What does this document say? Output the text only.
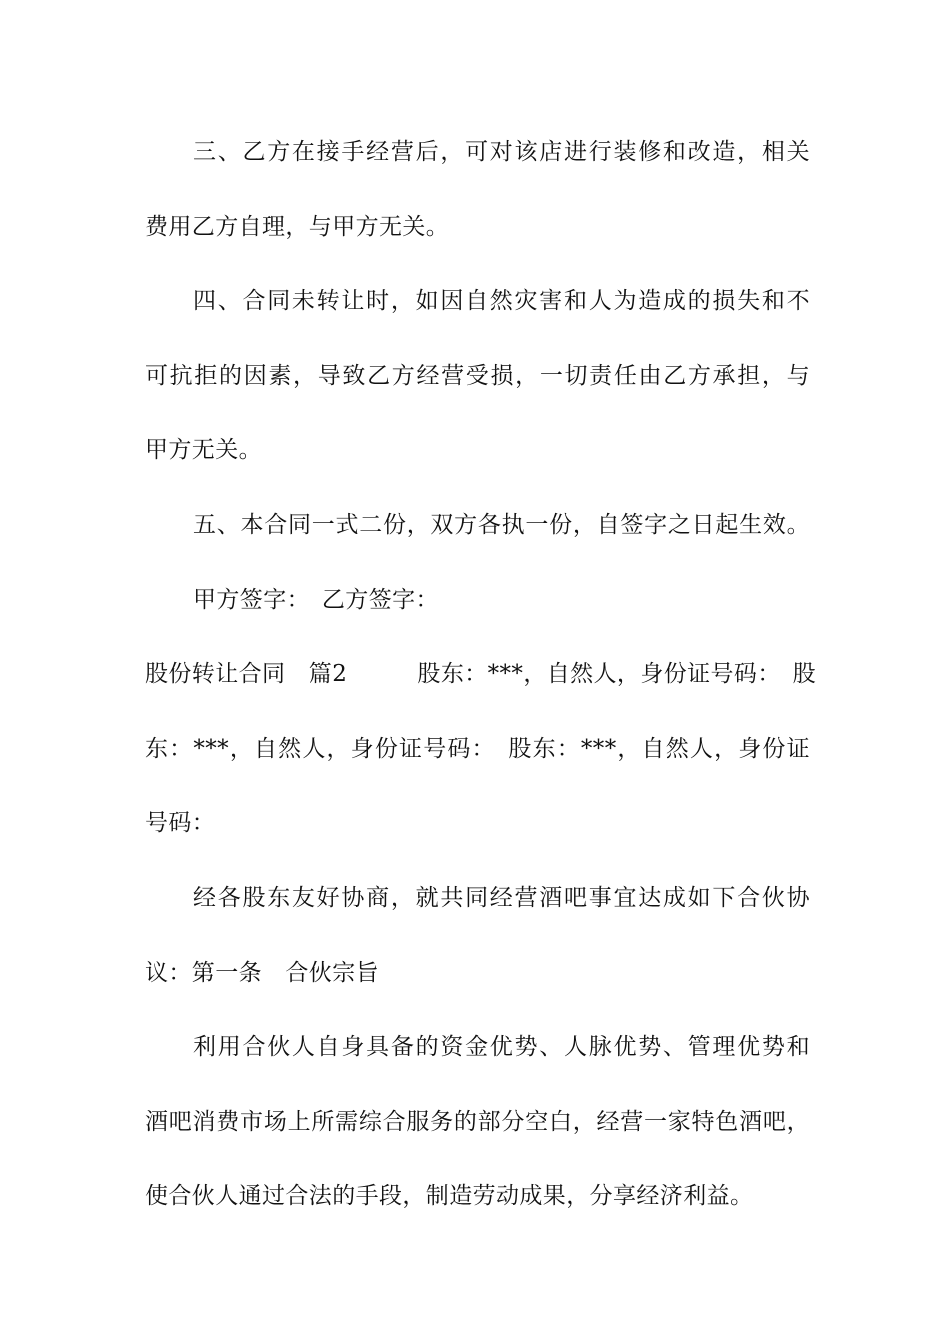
三、乙方在接手经营后，可对该店进行装修和改造，相关
费用乙方自理，与甲方无关。
四、合同未转让时，如因自然灾害和人为造成的损失和不
可抗拒的因素，导致乙方经营受损，一切责任由乙方承担，与
甲方无关。
五、本合同一式二份，双方各执一份，自签字之日起生效。
甲方签字：　乙方签字：
股份转让合同　篇2　　　股东：***，自然人，身份证号码：　股
东：***，自然人，身份证号码：　股东：***，自然人，身份证
号码：
经各股东友好协商，就共同经营酒吧事宜达成如下合伙协
议：第一条　合伙宗旨
利用合伙人自身具备的资金优势、人脉优势、管理优势和
酒吧消费市场上所需综合服务的部分空白，经营一家特色酒吧，
使合伙人通过合法的手段，制造劳动成果，分享经济利益。
